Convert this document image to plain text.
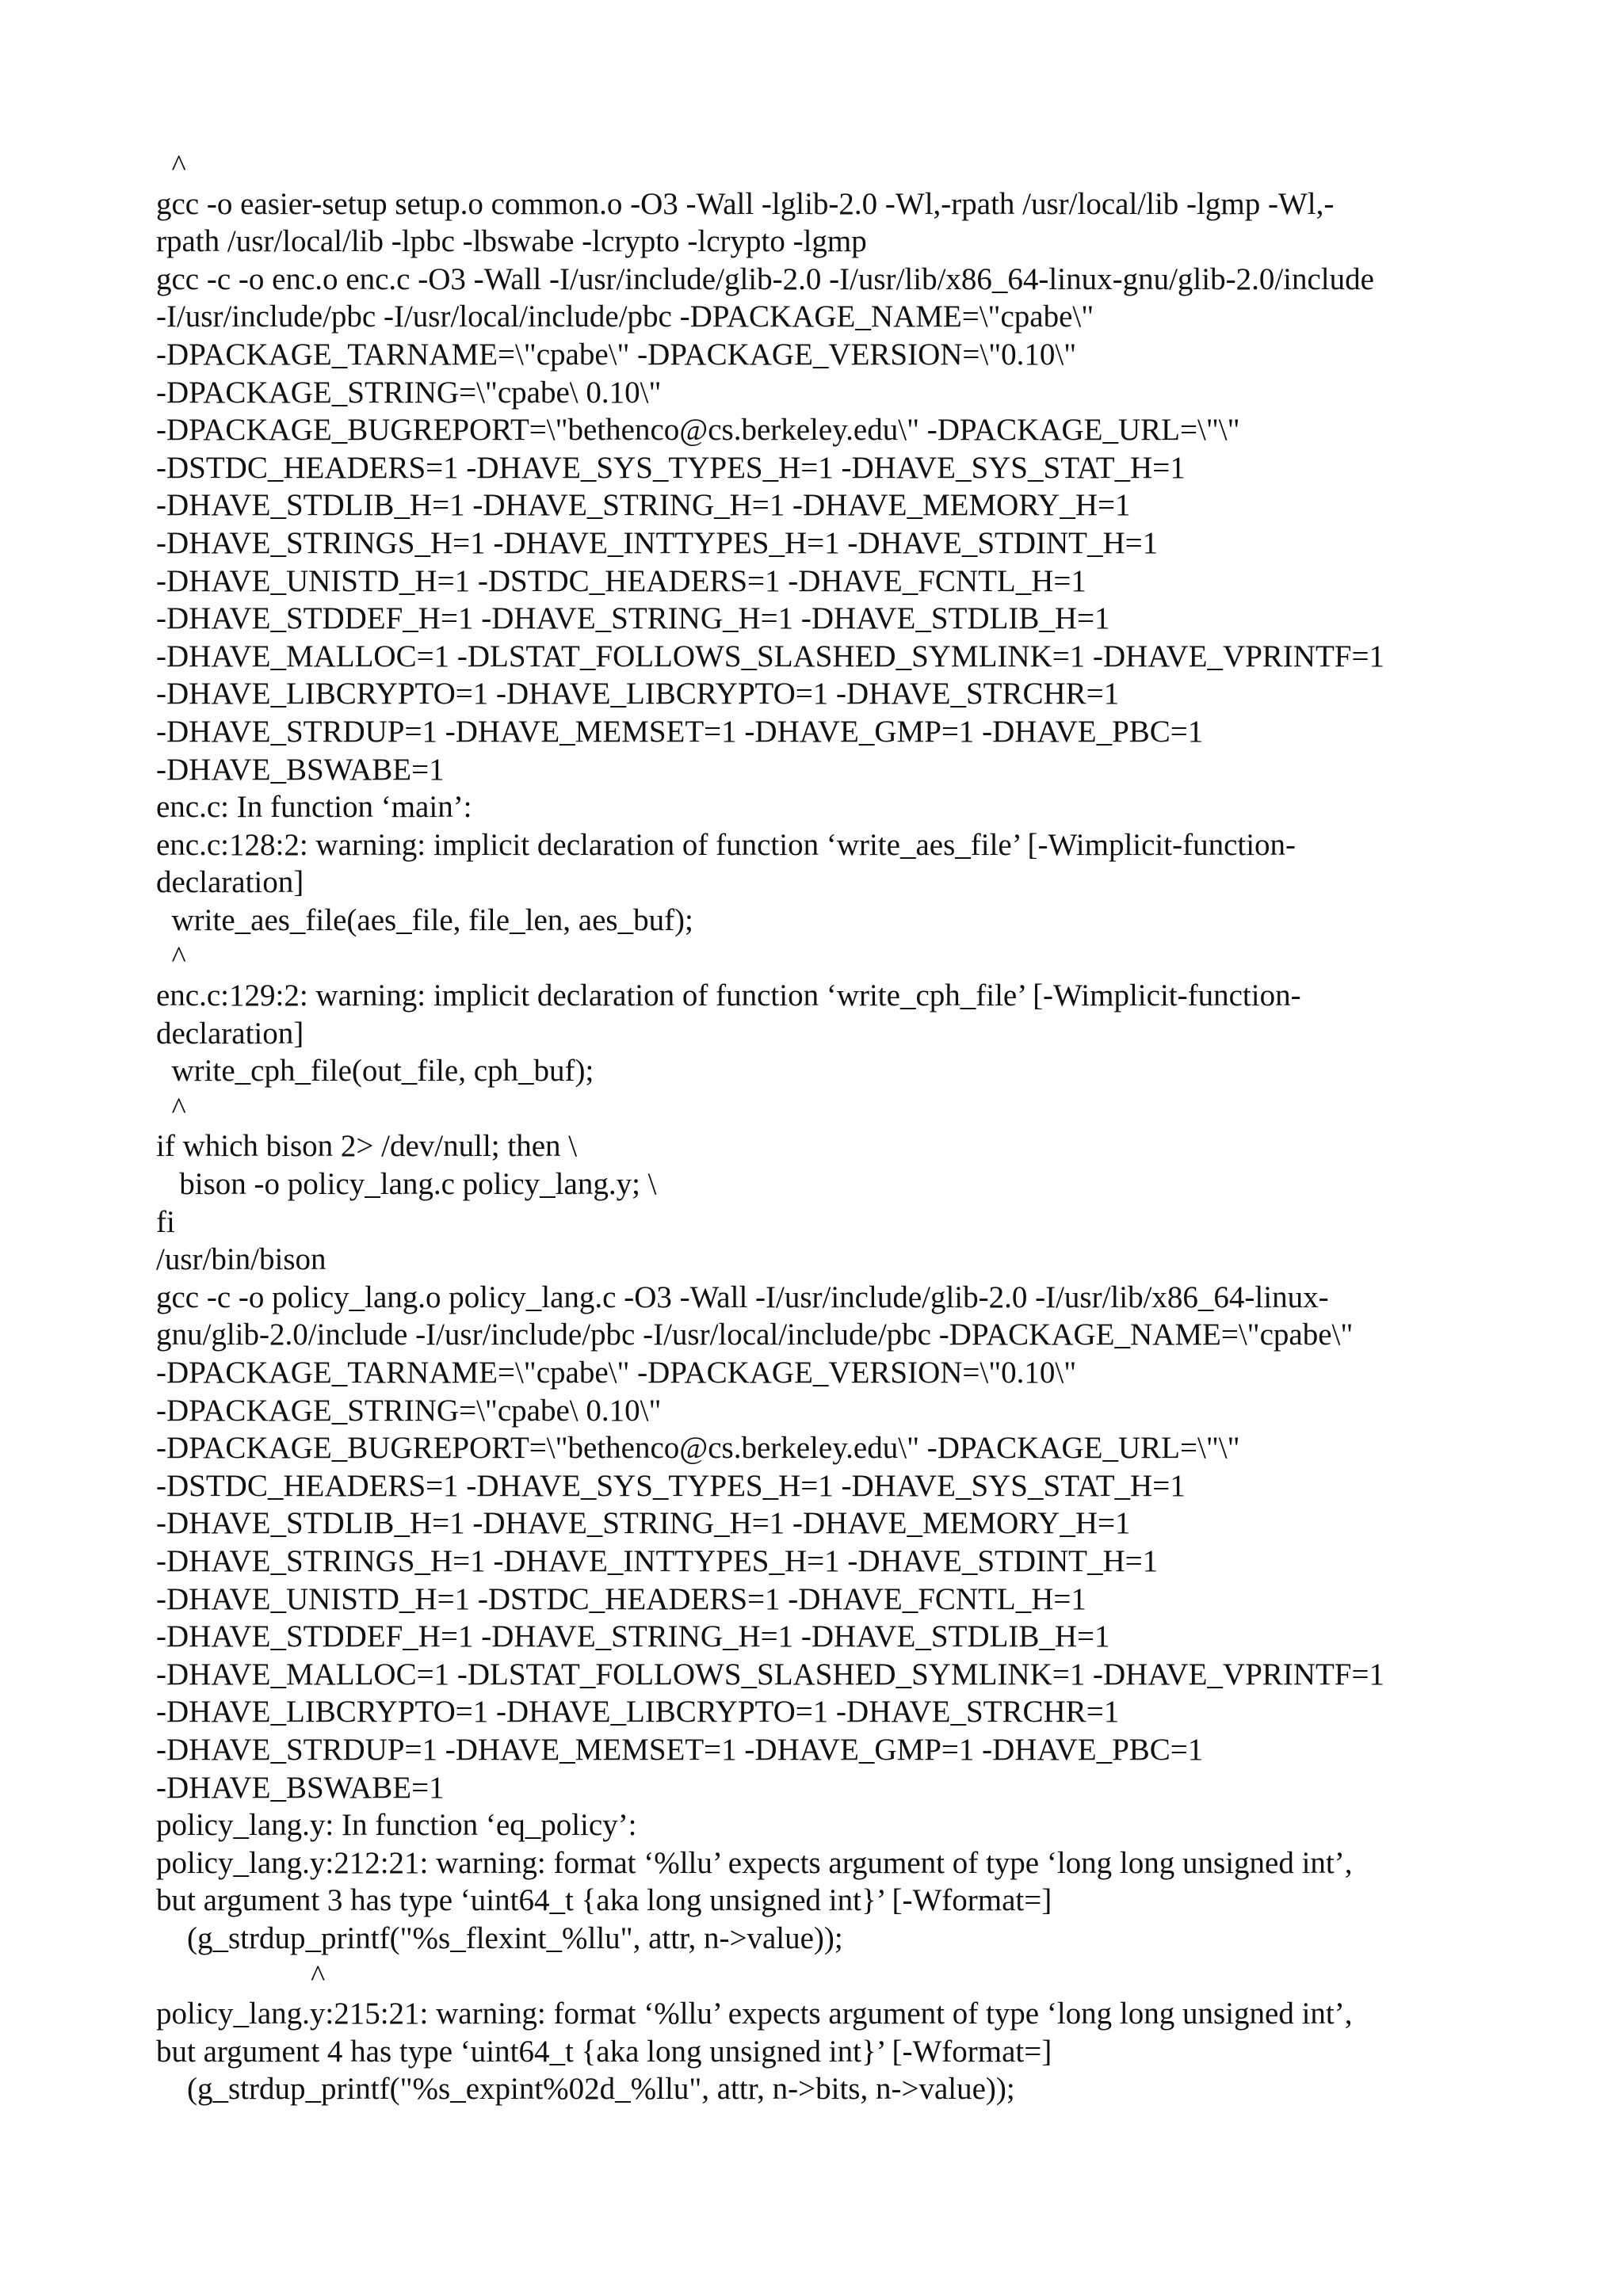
^
gcc -o easier-setup setup.o common.o -O3 -Wall -lglib-2.0 -Wl,-rpath /usr/local/lib -lgmp -Wl,-
rpath /usr/local/lib -lpbc -lbswabe -lcrypto -lcrypto -lgmp
gcc -c -o enc.o enc.c -O3 -Wall -I/usr/include/glib-2.0 -I/usr/lib/x86_64-linux-gnu/glib-2.0/include
-I/usr/include/pbc -I/usr/local/include/pbc -DPACKAGE_NAME=\"cpabe\"
-DPACKAGE_TARNAME=\"cpabe\" -DPACKAGE_VERSION=\"0.10\"
-DPACKAGE_STRING=\"cpabe\ 0.10\"
-DPACKAGE_BUGREPORT=\"bethenco@cs.berkeley.edu\" -DPACKAGE_URL=\"\"
-DSTDC_HEADERS=1 -DHAVE_SYS_TYPES_H=1 -DHAVE_SYS_STAT_H=1
-DHAVE_STDLIB_H=1 -DHAVE_STRING_H=1 -DHAVE_MEMORY_H=1
-DHAVE_STRINGS_H=1 -DHAVE_INTTYPES_H=1 -DHAVE_STDINT_H=1
-DHAVE_UNISTD_H=1 -DSTDC_HEADERS=1 -DHAVE_FCNTL_H=1
-DHAVE_STDDEF_H=1 -DHAVE_STRING_H=1 -DHAVE_STDLIB_H=1
-DHAVE_MALLOC=1 -DLSTAT_FOLLOWS_SLASHED_SYMLINK=1 -DHAVE_VPRINTF=1
-DHAVE_LIBCRYPTO=1 -DHAVE_LIBCRYPTO=1 -DHAVE_STRCHR=1
-DHAVE_STRDUP=1 -DHAVE_MEMSET=1 -DHAVE_GMP=1 -DHAVE_PBC=1
-DHAVE_BSWABE=1
enc.c: In function ‘main’:
enc.c:128:2: warning: implicit declaration of function ‘write_aes_file’ [-Wimplicit-function-
declaration]
write_aes_file(aes_file, file_len, aes_buf);
^
enc.c:129:2: warning: implicit declaration of function ‘write_cph_file’ [-Wimplicit-function-
declaration]
write_cph_file(out_file, cph_buf);
^
if which bison 2> /dev/null; then \
bison -o policy_lang.c policy_lang.y; \
fi
/usr/bin/bison
gcc -c -o policy_lang.o policy_lang.c -O3 -Wall -I/usr/include/glib-2.0 -I/usr/lib/x86_64-linux-
gnu/glib-2.0/include -I/usr/include/pbc -I/usr/local/include/pbc -DPACKAGE_NAME=\"cpabe\"
-DPACKAGE_TARNAME=\"cpabe\" -DPACKAGE_VERSION=\"0.10\"
-DPACKAGE_STRING=\"cpabe\ 0.10\"
-DPACKAGE_BUGREPORT=\"bethenco@cs.berkeley.edu\" -DPACKAGE_URL=\"\"
-DSTDC_HEADERS=1 -DHAVE_SYS_TYPES_H=1 -DHAVE_SYS_STAT_H=1
-DHAVE_STDLIB_H=1 -DHAVE_STRING_H=1 -DHAVE_MEMORY_H=1
-DHAVE_STRINGS_H=1 -DHAVE_INTTYPES_H=1 -DHAVE_STDINT_H=1
-DHAVE_UNISTD_H=1 -DSTDC_HEADERS=1 -DHAVE_FCNTL_H=1
-DHAVE_STDDEF_H=1 -DHAVE_STRING_H=1 -DHAVE_STDLIB_H=1
-DHAVE_MALLOC=1 -DLSTAT_FOLLOWS_SLASHED_SYMLINK=1 -DHAVE_VPRINTF=1
-DHAVE_LIBCRYPTO=1 -DHAVE_LIBCRYPTO=1 -DHAVE_STRCHR=1
-DHAVE_STRDUP=1 -DHAVE_MEMSET=1 -DHAVE_GMP=1 -DHAVE_PBC=1
-DHAVE_BSWABE=1
policy_lang.y: In function ‘eq_policy’:
policy_lang.y:212:21: warning: format ‘%llu’ expects argument of type ‘long long unsigned int’,
but argument 3 has type ‘uint64_t {aka long unsigned int}’ [-Wformat=]
(g_strdup_printf("%s_flexint_%llu", attr, n->value));
^
policy_lang.y:215:21: warning: format ‘%llu’ expects argument of type ‘long long unsigned int’,
but argument 4 has type ‘uint64_t {aka long unsigned int}’ [-Wformat=]
(g_strdup_printf("%s_expint%02d_%llu", attr, n->bits, n->value));
